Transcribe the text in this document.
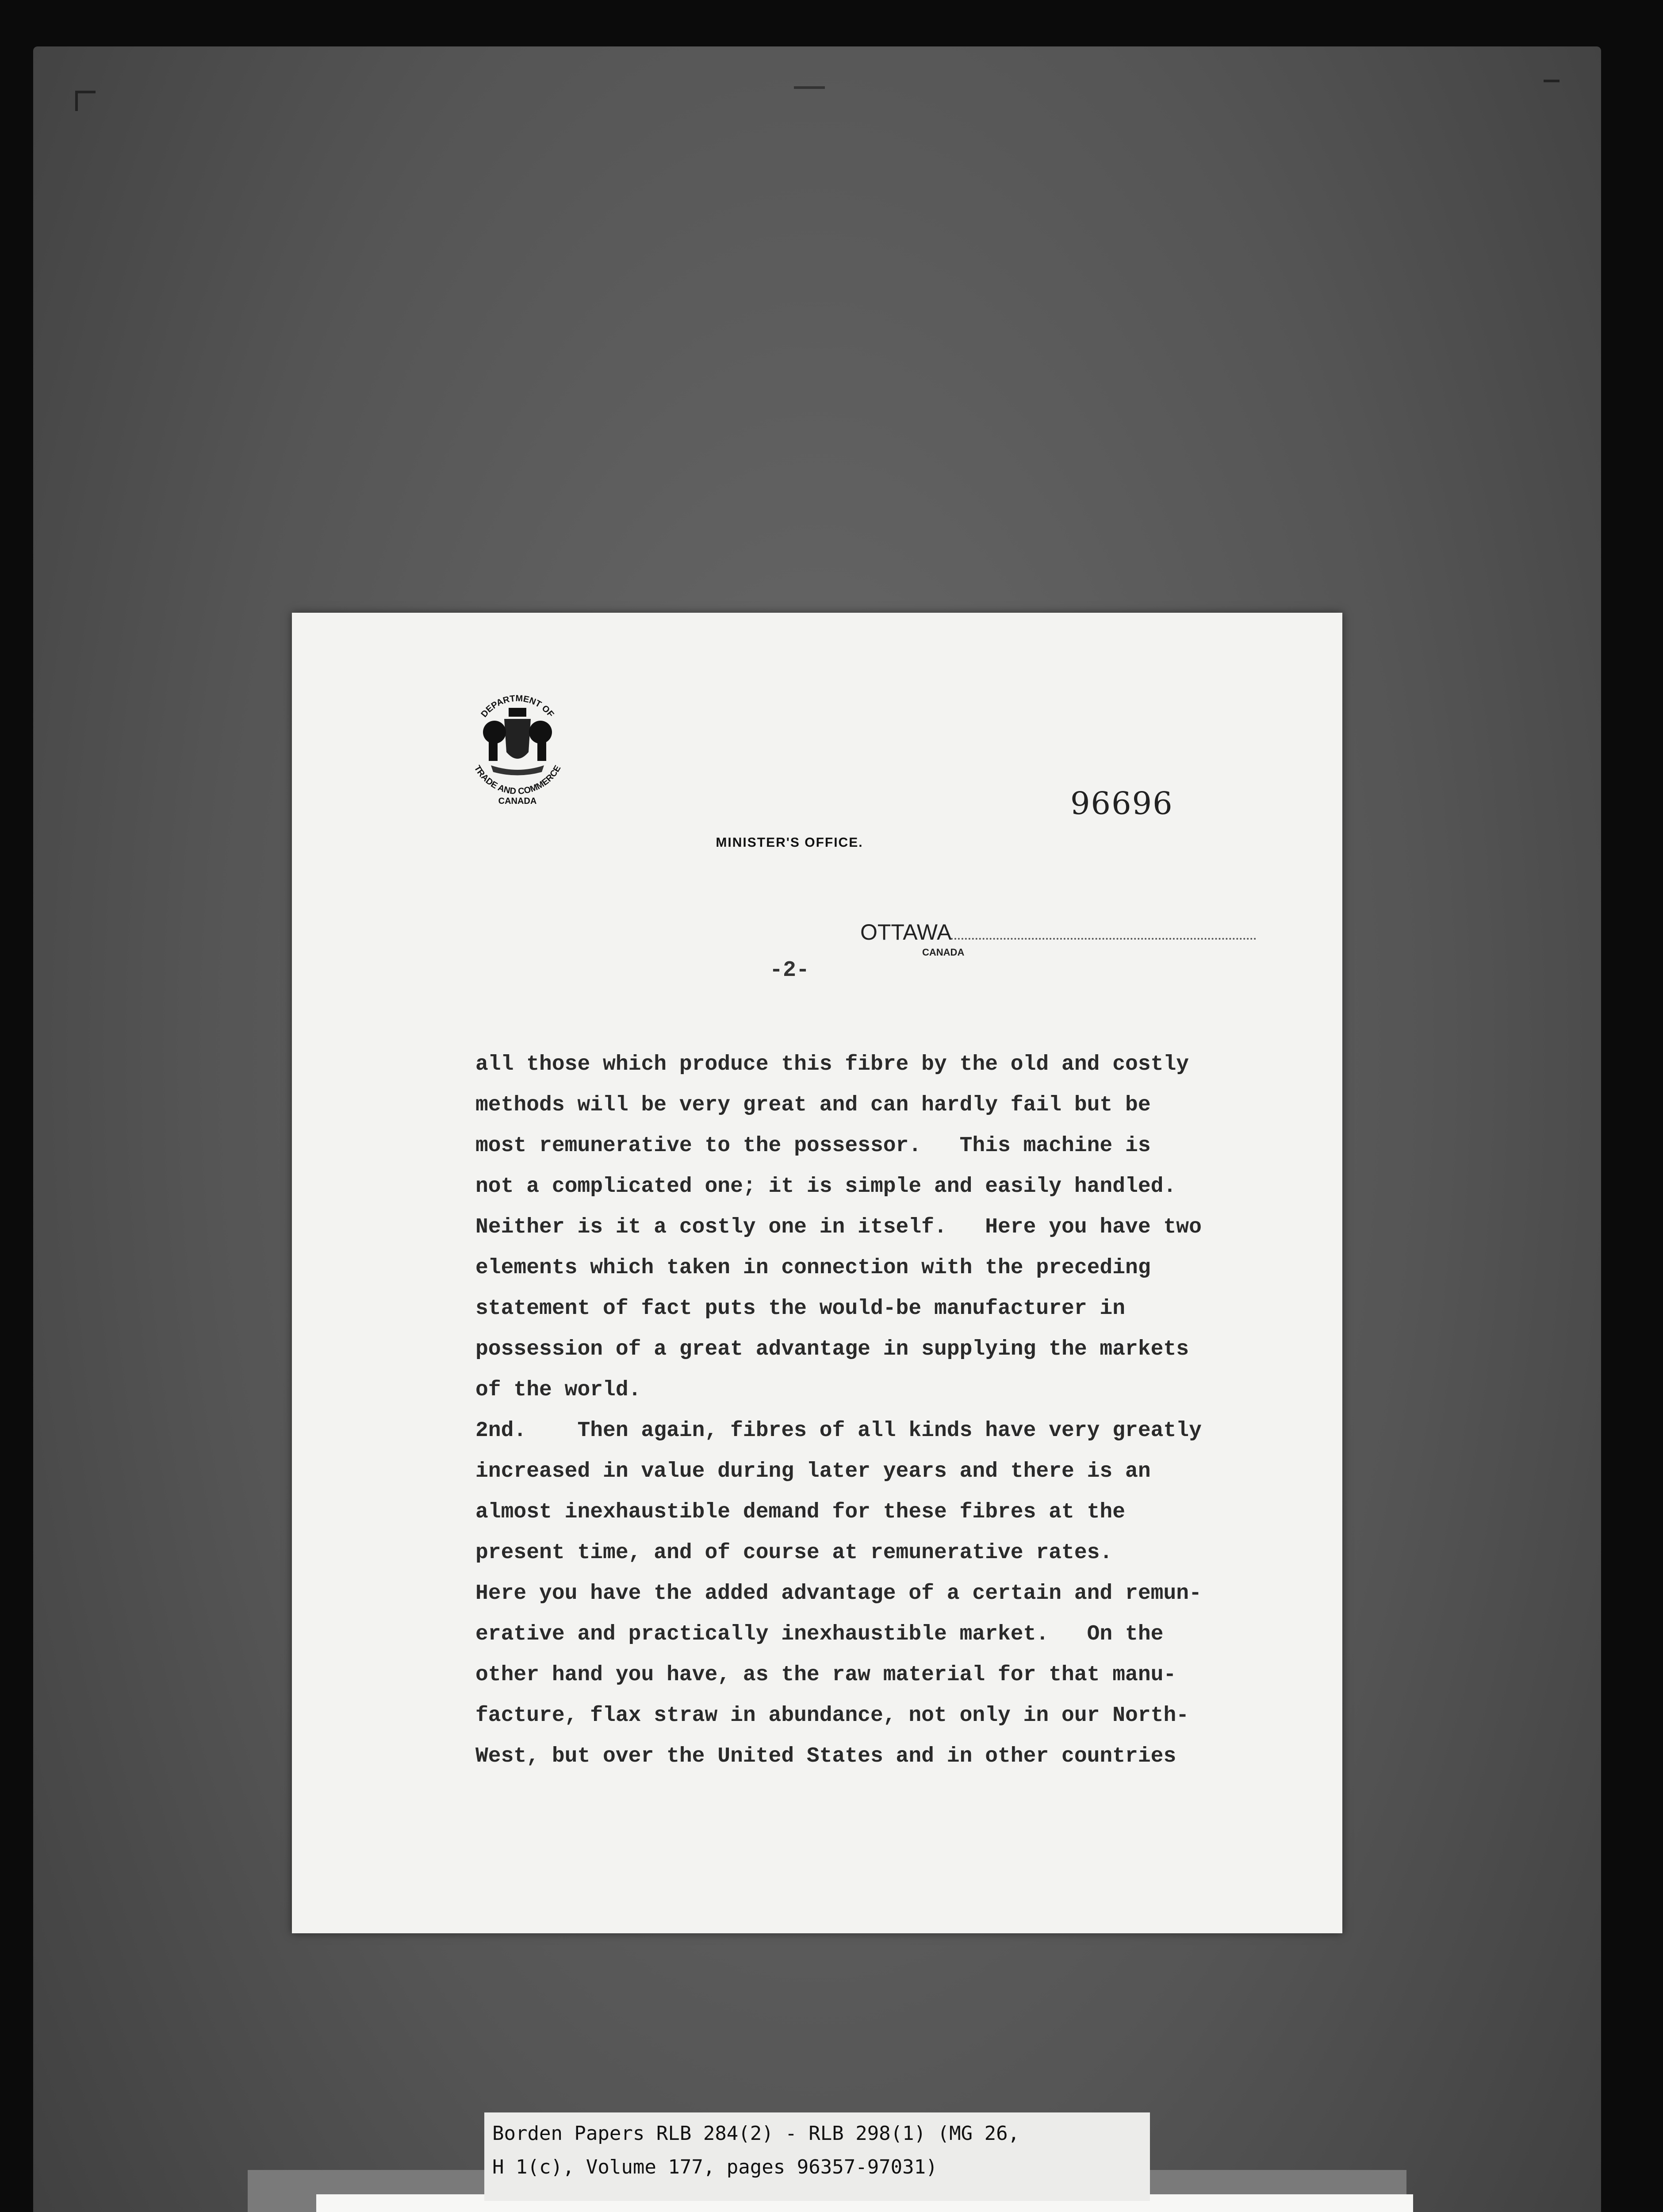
DEPARTMENT OF
TRADE AND COMMERCE
CANADA	96696
MINISTER'S OFFICE.
OTTAWA
CANADA
-2-
all those which produce this fibre by the old and costly
methods will be very great and can hardly fail but be
most remunerative to the possessor.   This machine is
not a complicated one; it is simple and easily handled.
Neither is it a costly one in itself.   Here you have two
elements which taken in connection with the preceding
statement of fact puts the would-be manufacturer in
possession of a great advantage in supplying the markets
of the world.
2nd.    Then again, fibres of all kinds have very greatly
increased in value during later years and there is an
almost inexhaustible demand for these fibres at the
present time, and of course at remunerative rates.
Here you have the added advantage of a certain and remun-
erative and practically inexhaustible market.   On the
other hand you have, as the raw material for that manu-
facture, flax straw in abundance, not only in our North-
West, but over the United States and in other countries
Borden Papers RLB 284(2) - RLB 298(1) (MG 26,
H 1(c), Volume 177, pages 96357-97031)
